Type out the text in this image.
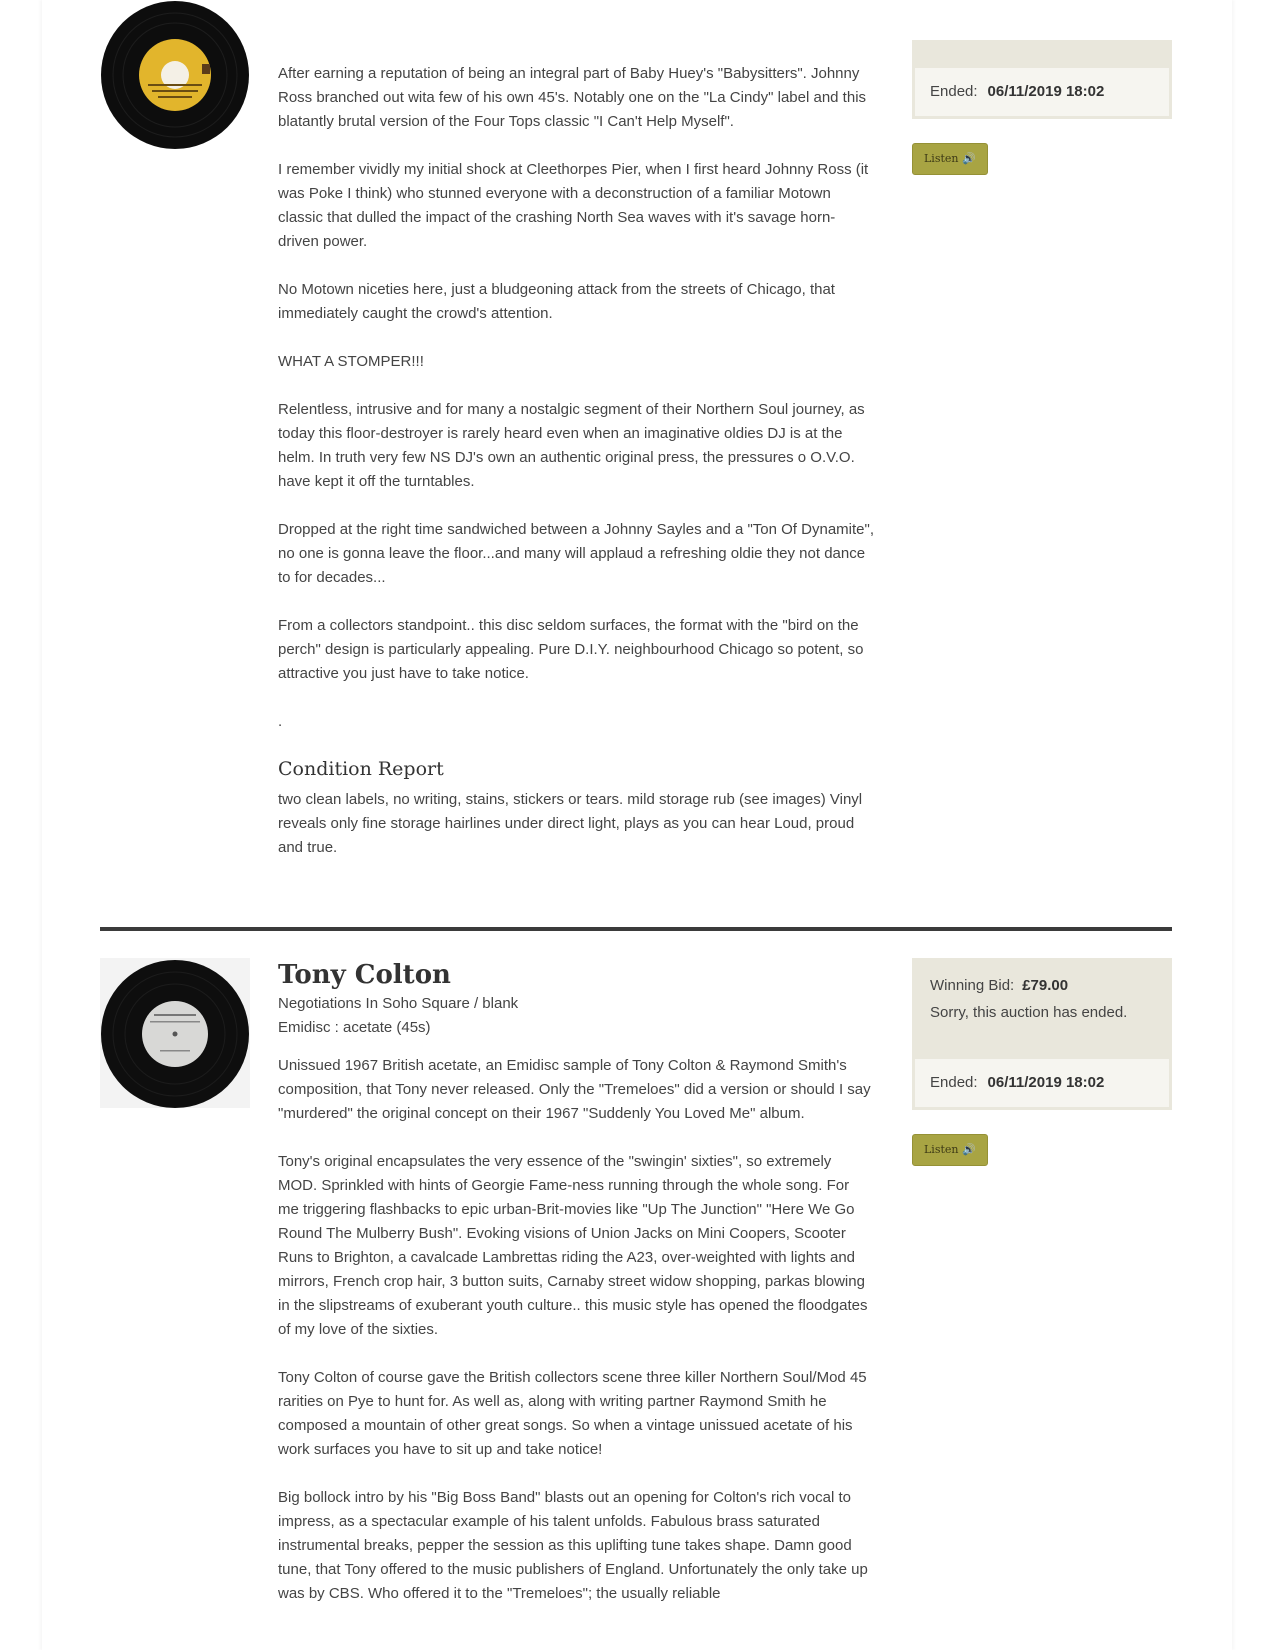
After earning a reputation of being an integral part of Baby Huey's "Babysitters". Johnny Ross branched out wita few of his own 45's. Notably one on the "La Cindy" label and this blatantly brutal version of the Four Tops classic "I Can't Help Myself".

I remember vividly my initial shock at Cleethorpes Pier, when I first heard Johnny Ross (it was Poke I think) who stunned everyone with a deconstruction of a familiar Motown classic that dulled the impact of the crashing North Sea waves with it's savage horn-driven power.

No Motown niceties here, just a bludgeoning attack from the streets of Chicago, that immediately caught the crowd's attention.

WHAT A STOMPER!!!

Relentless, intrusive and for many a nostalgic segment of their Northern Soul journey, as today this floor-destroyer is rarely heard even when an imaginative oldies DJ is at the helm. In truth very few NS DJ's own an authentic original press, the pressures o O.V.O. have kept it off the turntables.

Dropped at the right time sandwiched between a Johnny Sayles and a "Ton Of Dynamite", no one is gonna leave the floor...and many will applaud a refreshing oldie they not dance to for decades...

From a collectors standpoint.. this disc seldom surfaces, the format with the "bird on the perch" design is particularly appealing. Pure D.I.Y. neighbourhood Chicago so potent, so attractive you just have to take notice.

.

Condition Report

two clean labels, no writing, stains, stickers or tears. mild storage rub (see images) Vinyl reveals only fine storage hairlines under direct light, plays as you can hear Loud, proud and true.

Ended: 06/11/2019 18:02
Listen 🔊
Tony Colton
Negotiations In Soho Square / blank
Emidisc : acetate (45s)

Unissued 1967 British acetate, an Emidisc sample of Tony Colton & Raymond Smith's composition, that Tony never released. Only the "Tremeloes" did a version or should I say "murdered" the original concept on their 1967 "Suddenly You Loved Me" album.

Tony's original encapsulates the very essence of the "swingin' sixties", so extremely MOD. Sprinkled with hints of Georgie Fame-ness running through the whole song. For me triggering flashbacks to epic urban-Brit-movies like "Up The Junction" "Here We Go Round The Mulberry Bush". Evoking visions of Union Jacks on Mini Coopers, Scooter Runs to Brighton, a cavalcade Lambrettas riding the A23, over-weighted with lights and mirrors, French crop hair, 3 button suits, Carnaby street widow shopping, parkas blowing in the slipstreams of exuberant youth culture.. this music style has opened the floodgates of my love of the sixties.

Tony Colton of course gave the British collectors scene three killer Northern Soul/Mod 45 rarities on Pye to hunt for. As well as, along with writing partner Raymond Smith he composed a mountain of other great songs. So when a vintage unissued acetate of his work surfaces you have to sit up and take notice!

Big bollock intro by his "Big Boss Band" blasts out an opening for Colton's rich vocal to impress, as a spectacular example of his talent unfolds. Fabulous brass saturated instrumental breaks, pepper the session as this uplifting tune takes shape. Damn good tune, that Tony offered to the music publishers of England. Unfortunately the only take up was by CBS. Who offered it to the "Tremeloes"; the usually reliable

Winning Bid: £79.00
Sorry, this auction has ended.
Ended: 06/11/2019 18:02
Listen 🔊
